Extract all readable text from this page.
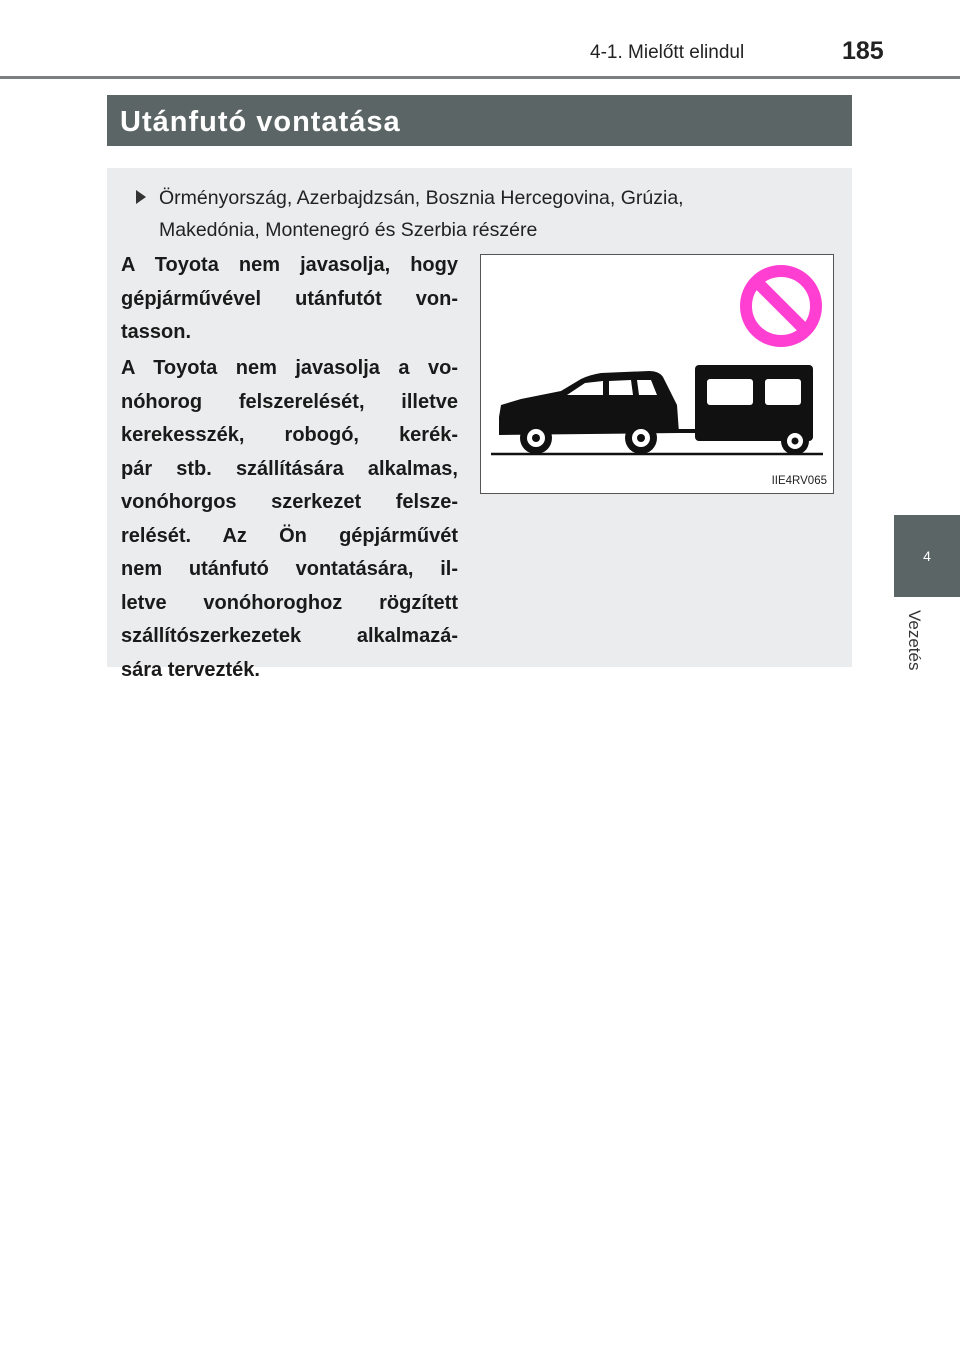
4-1. Mielőtt elindul	185
Utánfutó vontatása
Örményország, Azerbajdzsán, Bosznia Hercegovina, Grúzia,
Makedónia, Montenegró és Szerbia részére
A Toyota nem javasolja, hogy
gépjárművével utánfutót von-
tasson.
A Toyota nem javasolja a vo-
nóhorog felszerelését, illetve
kerekesszék, robogó, kerék-
pár stb. szállítására alkalmas,
vonóhorgos szerkezet felsze-
relését. Az Ön gépjárművét
nem utánfutó vontatására, il-
letve vonóhoroghoz rögzített
szállítószerkezetek alkalmazá-
sára tervezték.
IIE4RV065
4
Vezetés
